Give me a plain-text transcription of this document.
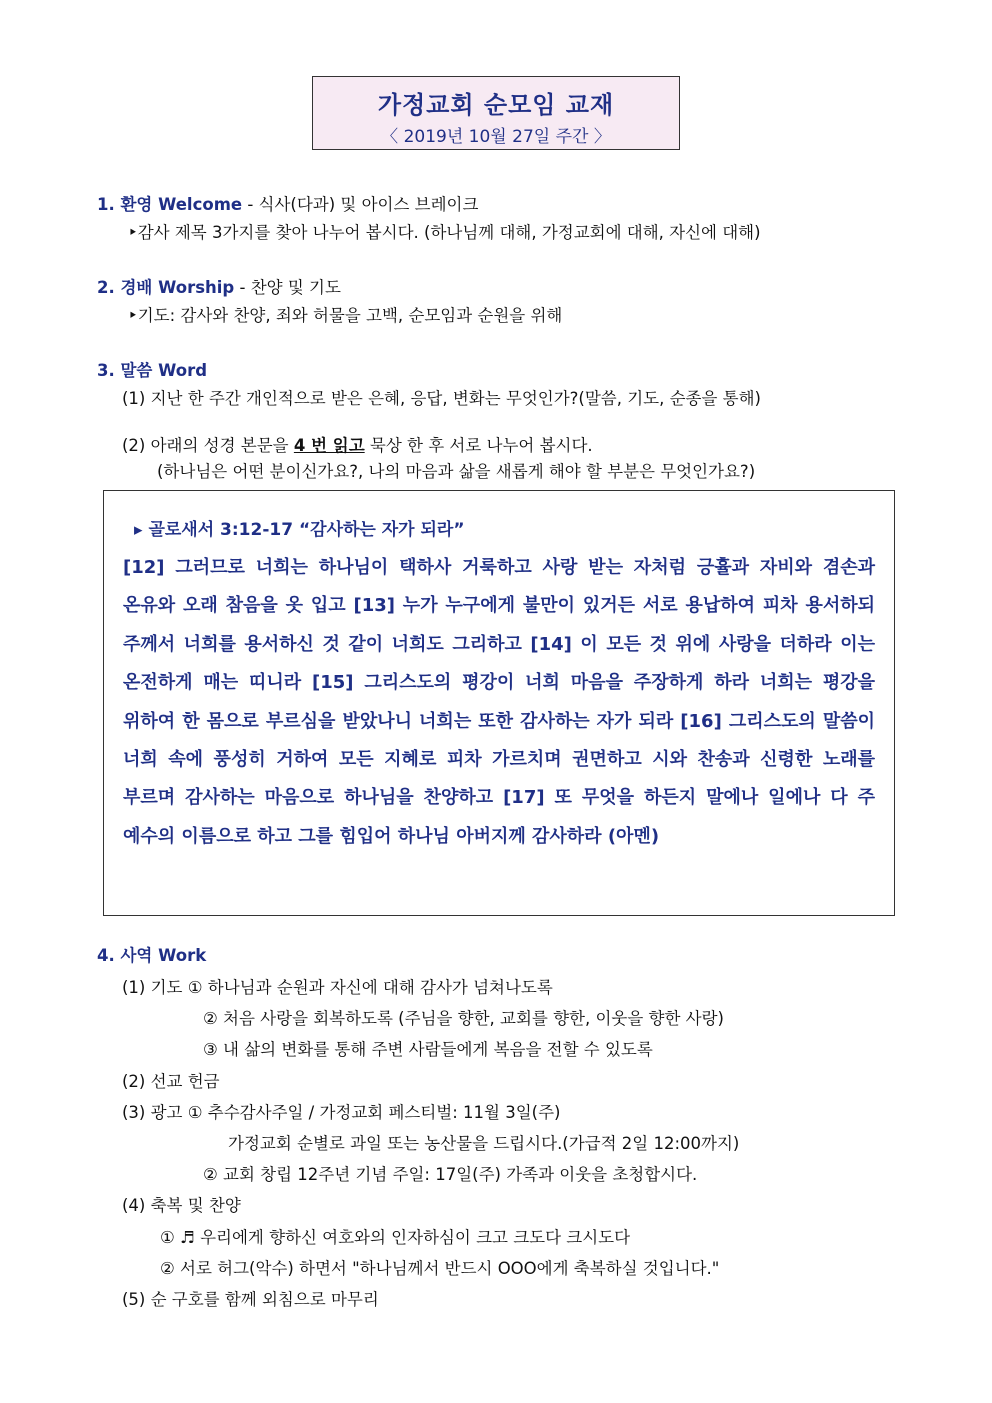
가정교회 순모임 교재
〈 2019년 10월 27일 주간 〉
1. 환영 Welcome - 식사(다과) 및 아이스 브레이크
‣감사 제목 3가지를 찾아 나누어 봅시다. (하나님께 대해, 가정교회에 대해, 자신에 대해)
2. 경배 Worship - 찬양 및 기도
‣기도: 감사와 찬양, 죄와 허물을 고백, 순모임과 순원을 위해
3. 말씀 Word
(1) 지난 한 주간 개인적으로 받은 은혜, 응답, 변화는 무엇인가?(말씀, 기도, 순종을 통해)
(2) 아래의 성경 본문을 4 번 읽고 묵상 한 후 서로 나누어 봅시다.
(하나님은 어떤 분이신가요?, 나의 마음과 삶을 새롭게 해야 할 부분은 무엇인가요?)
▸ 골로새서 3:12-17 “감사하는 자가 되라”
[12] 그러므로 너희는 하나님이 택하사 거룩하고 사랑 받는 자처럼 긍휼과 자비와 겸손과 온유와 오래 참음을 옷 입고 [13] 누가 누구에게 불만이 있거든 서로 용납하여 피차 용서하되 주께서 너희를 용서하신 것 같이 너희도 그리하고 [14] 이 모든 것 위에 사랑을 더하라 이는 온전하게 매는 띠니라 [15] 그리스도의 평강이 너희 마음을 주장하게 하라 너희는 평강을 위하여 한 몸으로 부르심을 받았나니 너희는 또한 감사하는 자가 되라 [16] 그리스도의 말씀이 너희 속에 풍성히 거하여 모든 지혜로 피차 가르치며 권면하고 시와 찬송과 신령한 노래를 부르며 감사하는 마음으로 하나님을 찬양하고 [17] 또 무엇을 하든지 말에나 일에나 다 주 예수의 이름으로 하고 그를 힘입어 하나님 아버지께 감사하라 (아멘)
4. 사역 Work
(1) 기도 ① 하나님과 순원과 자신에 대해 감사가 넘쳐나도록
② 처음 사랑을 회복하도록 (주님을 향한, 교회를 향한, 이웃을 향한 사랑)
③ 내 삶의 변화를 통해 주변 사람들에게 복음을 전할 수 있도록
(2) 선교 헌금
(3) 광고 ① 추수감사주일 / 가정교회 페스티벌: 11월 3일(주)
가정교회 순별로 과일 또는 농산물을 드립시다.(가급적 2일 12:00까지)
② 교회 창립 12주년 기념 주일: 17일(주) 가족과 이웃을 초청합시다.
(4) 축복 및 찬양
① ♬ 우리에게 향하신 여호와의 인자하심이 크고 크도다 크시도다
② 서로 허그(악수) 하면서 "하나님께서 반드시 OOO에게 축복하실 것입니다."
(5) 순 구호를 함께 외침으로 마무리
